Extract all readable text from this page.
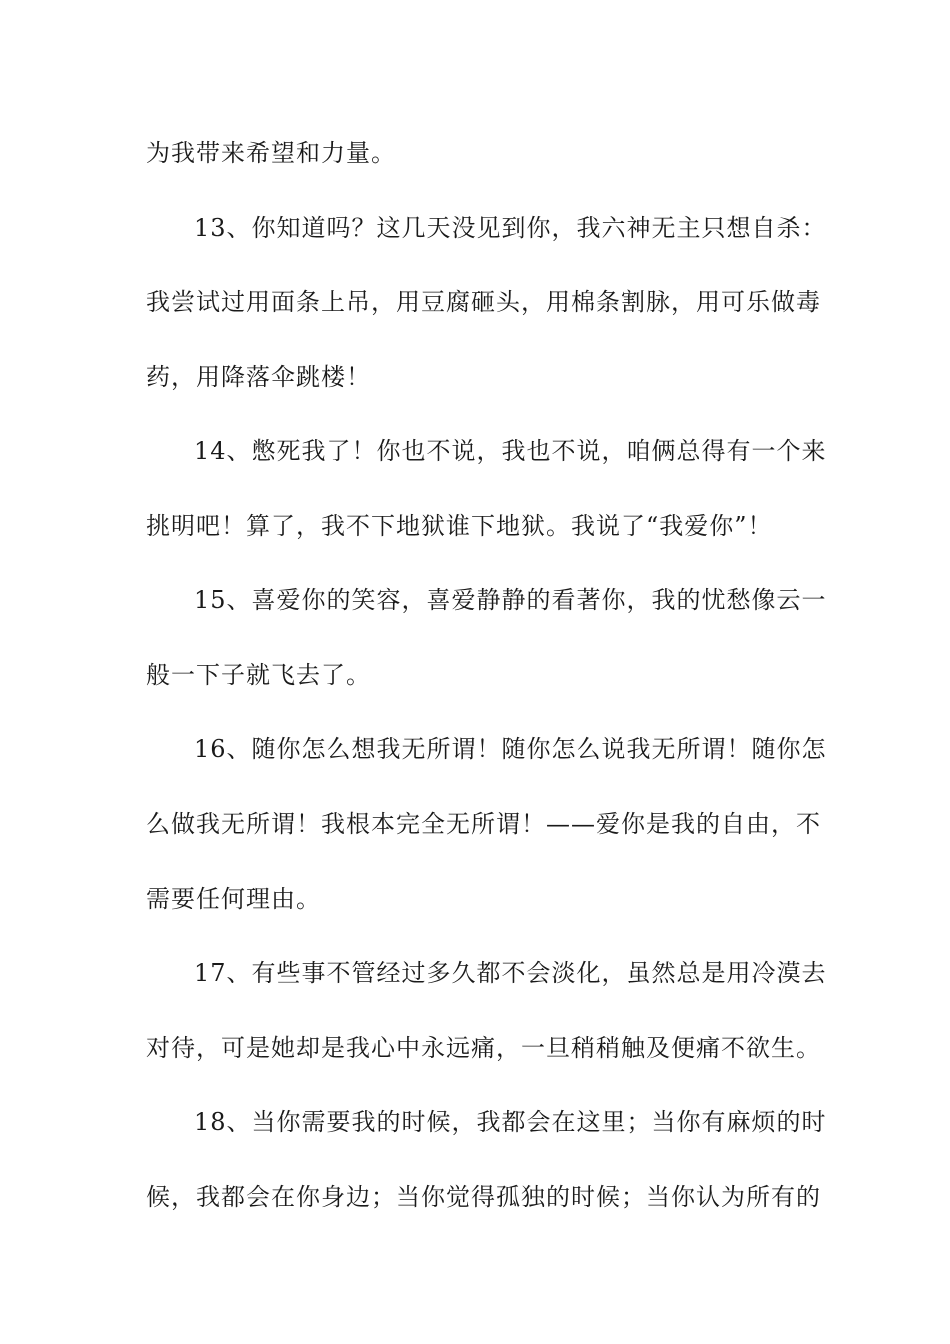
为我带来希望和力量。
13、你知道吗？这几天没见到你，我六神无主只想自杀：
我尝试过用面条上吊，用豆腐砸头，用棉条割脉，用可乐做毒
药，用降落伞跳楼！
14、憋死我了！你也不说，我也不说，咱俩总得有一个来
挑明吧！算了，我不下地狱谁下地狱。我说了“我爱你”！
15、喜爱你的笑容，喜爱静静的看著你，我的忧愁像云一
般一下子就飞去了。
16、随你怎么想我无所谓！随你怎么说我无所谓！随你怎
么做我无所谓！我根本完全无所谓！——爱你是我的自由，不
需要任何理由。
17、有些事不管经过多久都不会淡化，虽然总是用冷漠去
对待，可是她却是我心中永远痛，一旦稍稍触及便痛不欲生。
18、当你需要我的时候，我都会在这里；当你有麻烦的时
候，我都会在你身边；当你觉得孤独的时候；当你认为所有的
